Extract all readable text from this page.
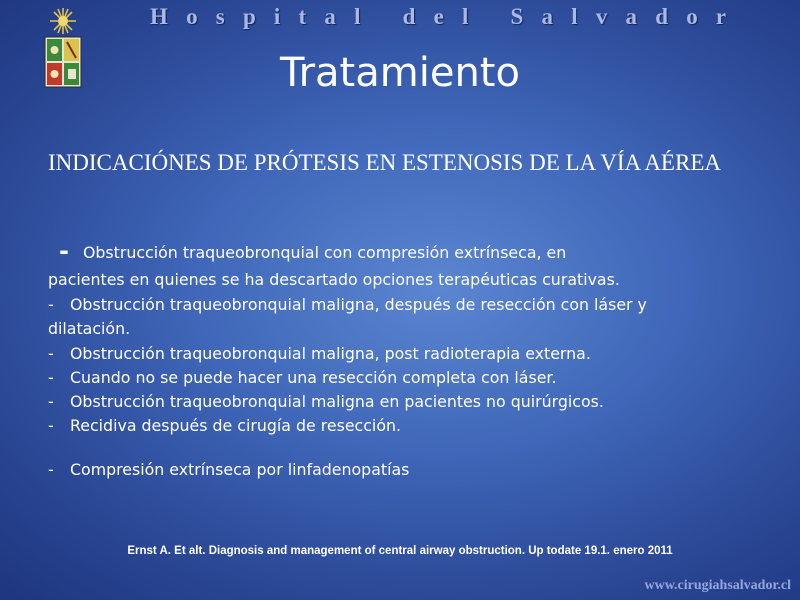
Hospital del Salvador
Tratamiento

INDICACIÓNES DE PRÓTESIS EN ESTENOSIS DE LA VÍA AÉREA

- Obstrucción traqueobronquial con compresión extrínseca, en
pacientes en quienes se ha descartado opciones terapéuticas curativas.
- Obstrucción traqueobronquial maligna, después de resección con láser y
dilatación.
- Obstrucción traqueobronquial maligna, post radioterapia externa.
- Cuando no se puede hacer una resección completa con láser.
- Obstrucción traqueobronquial maligna en pacientes no quirúrgicos.
- Recidiva después de cirugía de resección.
- Compresión extrínseca por linfadenopatías
Ernst A. Et alt. Diagnosis and management of central airway obstruction. Up todate 19.1. enero 2011
www.cirugiahsalvador.cl
